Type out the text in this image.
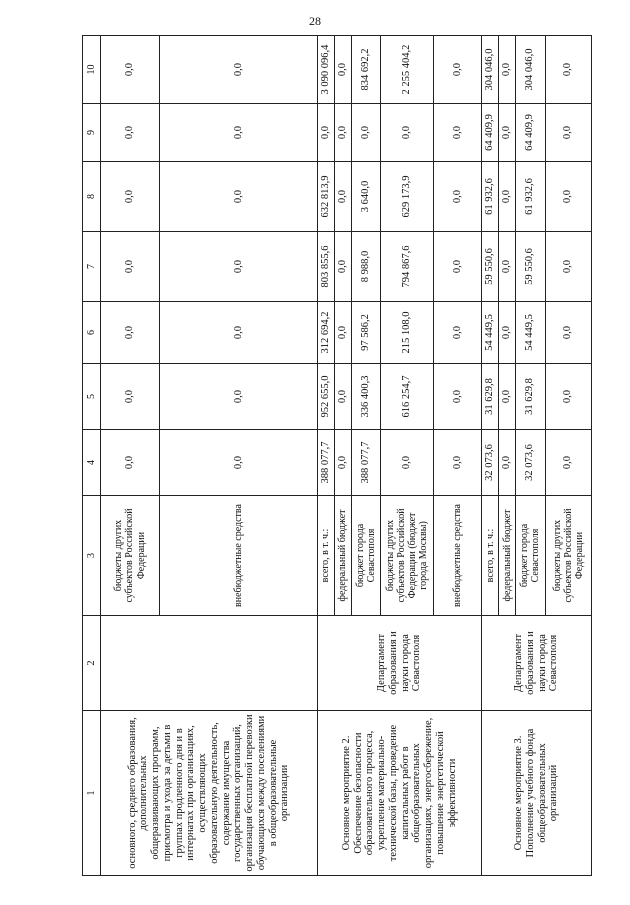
28
1	2	3	4	5	6	7	8	9	10
основного, среднего образования, дополнительных общеразвивающих программ, присмотра и ухода за детьми в группах продленного дня и в интернатах при организациях, осуществляющих образовательную деятельность, содержание имущества государственных организаций, организация бесплатной перевозки обучающихся между поселениями в общеобразовательные организации		бюджеты других субъектов Российской Федерации	0,0	0,0	0,0	0,0	0,0	0,0	0,0
		внебюджетные средства	0,0	0,0	0,0	0,0	0,0	0,0	0,0
Основное мероприятие 2. Обеспечение безопасности образовательного процесса, укрепление материально-технической базы, проведение капитальных работ в общеобразовательных организациях, энергосбережение, повышение энергетической эффективности	Департамент образования и науки города Севастополя	всего, в т. ч.:	388 077,7	952 655,0	312 694,2	803 855,6	632 813,9	0,0	3 090 096,4
		федеральный бюджет	0,0	0,0	0,0	0,0	0,0	0,0	0,0
		бюджет города Севастополя	388 077,7	336 400,3	97 586,2	8 988,0	3 640,0	0,0	834 692,2
		бюджеты других субъектов Российской Федерации (бюджет города Москвы)	0,0	616 254,7	215 108,0	794 867,6	629 173,9	0,0	2 255 404,2
		внебюджетные средства	0,0	0,0	0,0	0,0	0,0	0,0	0,0
Основное мероприятие 3. Пополнение учебного фонда общеобразовательных организаций	Департамент образования и науки города Севастополя	всего, в т. ч.:	32 073,6	31 629,8	54 449,5	59 550,6	61 932,6	64 409,9	304 046,0
		федеральный бюджет	0,0	0,0	0,0	0,0	0,0	0,0	0,0
		бюджет города Севастополя	32 073,6	31 629,8	54 449,5	59 550,6	61 932,6	64 409,9	304 046,0
		бюджеты других субъектов Российской Федерации	0,0	0,0	0,0	0,0	0,0	0,0	0,0
